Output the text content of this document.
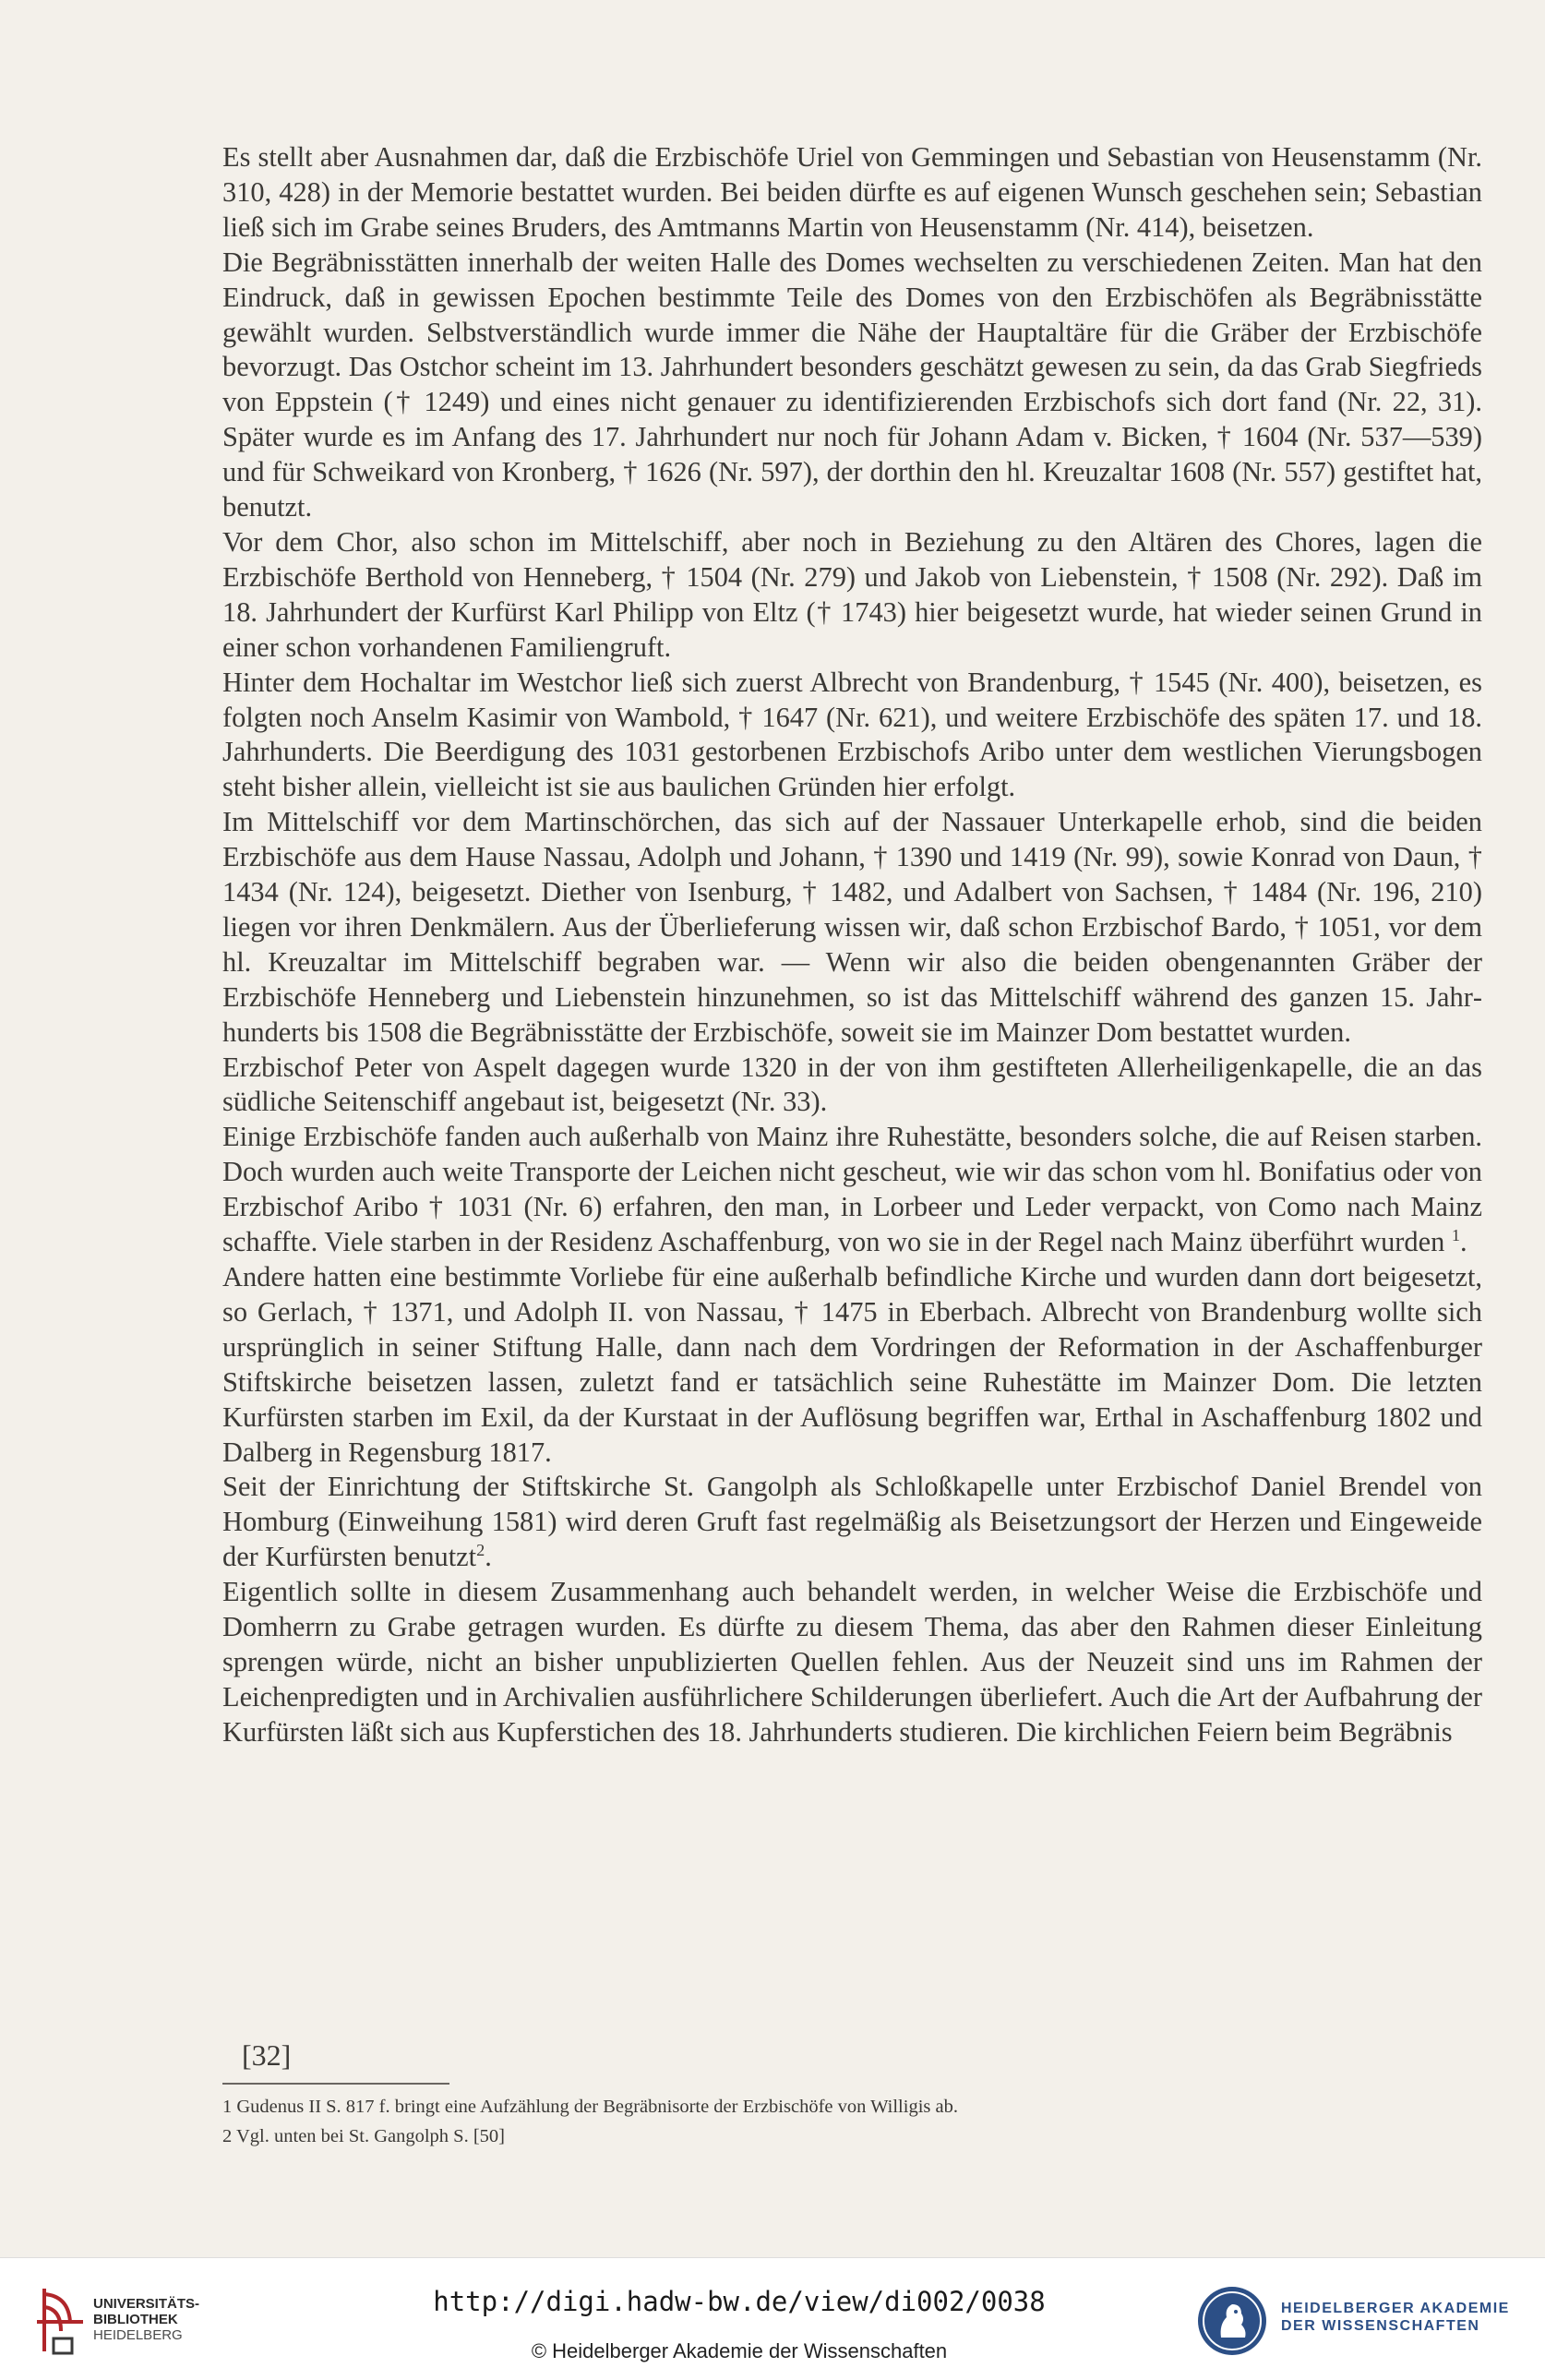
Es stellt aber Ausnahmen dar, daß die Erzbischöfe Uriel von Gemmingen und Sebastian von Heusenstamm (Nr. 310, 428) in der Memorie bestattet wurden. Bei beiden dürfte es auf eigenen Wunsch geschehen sein; Sebastian ließ sich im Grabe seines Bruders, des Amtmanns Martin von Heusenstamm (Nr. 414), beisetzen.

Die Begräbnisstätten innerhalb der weiten Halle des Domes wechselten zu verschiedenen Zeiten. Man hat den Eindruck, daß in gewissen Epochen bestimmte Teile des Domes von den Erzbischöfen als Begräbnisstätte gewählt wurden. Selbstverständlich wurde immer die Nähe der Hauptaltäre für die Gräber der Erzbischöfe bevorzugt. Das Ostchor scheint im 13. Jahrhundert besonders geschätzt gewesen zu sein, da das Grab Siegfrieds von Eppstein († 1249) und eines nicht genauer zu identifizierenden Erzbischofs sich dort fand (Nr. 22, 31). Später wurde es im Anfang des 17. Jahrhundert nur noch für Johann Adam v. Bicken, † 1604 (Nr. 537—539) und für Schweikard von Kronberg, † 1626 (Nr. 597), der dorthin den hl. Kreuzaltar 1608 (Nr. 557) gestiftet hat, benutzt.

Vor dem Chor, also schon im Mittelschiff, aber noch in Beziehung zu den Altären des Chores, lagen die Erzbischöfe Berthold von Henneberg, † 1504 (Nr. 279) und Jakob von Liebenstein, † 1508 (Nr. 292). Daß im 18. Jahrhundert der Kurfürst Karl Philipp von Eltz († 1743) hier beigesetzt wurde, hat wieder seinen Grund in einer schon vorhandenen Familiengruft.

Hinter dem Hochaltar im Westchor ließ sich zuerst Albrecht von Brandenburg, † 1545 (Nr. 400), beisetzen, es folgten noch Anselm Kasimir von Wambold, † 1647 (Nr. 621), und weitere Erzbischöfe des späten 17. und 18. Jahrhunderts. Die Beerdigung des 1031 gestorbenen Erzbischofs Aribo unter dem westlichen Vierungsbogen steht bisher allein, vielleicht ist sie aus baulichen Gründen hier erfolgt.

Im Mittelschiff vor dem Martinschörchen, das sich auf der Nassauer Unterkapelle erhob, sind die beiden Erzbischöfe aus dem Hause Nassau, Adolph und Johann, † 1390 und 1419 (Nr. 99), sowie Konrad von Daun, † 1434 (Nr. 124), beigesetzt. Diether von Isenburg, † 1482, und Adalbert von Sachsen, † 1484 (Nr. 196, 210) liegen vor ihren Denkmälern. Aus der Überlieferung wissen wir, daß schon Erzbischof Bardo, † 1051, vor dem hl. Kreuzaltar im Mittelschiff begraben war. — Wenn wir also die beiden obengenannten Gräber der Erzbischöfe Henneberg und Liebenstein hinzunehmen, so ist das Mittelschiff während des ganzen 15. Jahrhunderts bis 1508 die Begräbnisstätte der Erzbischöfe, soweit sie im Mainzer Dom bestattet wurden.

Erzbischof Peter von Aspelt dagegen wurde 1320 in der von ihm gestifteten Allerheiligenkapelle, die an das südliche Seitenschiff angebaut ist, beigesetzt (Nr. 33).

Einige Erzbischöfe fanden auch außerhalb von Mainz ihre Ruhestätte, besonders solche, die auf Reisen starben. Doch wurden auch weite Transporte der Leichen nicht gescheut, wie wir das schon vom hl. Bonifatius oder von Erzbischof Aribo † 1031 (Nr. 6) erfahren, den man, in Lorbeer und Leder verpackt, von Como nach Mainz schaffte. Viele starben in der Residenz Aschaffenburg, von wo sie in der Regel nach Mainz überführt wurden $^1$.

Andere hatten eine bestimmte Vorliebe für eine außerhalb befindliche Kirche und wurden dann dort beigesetzt, so Gerlach, † 1371, und Adolph II. von Nassau, † 1475 in Eberbach. Albrecht von Brandenburg wollte sich ursprünglich in seiner Stiftung Halle, dann nach dem Vordringen der Reformation in der Aschaffenburger Stiftskirche beisetzen lassen, zuletzt fand er tatsächlich seine Ruhestätte im Mainzer Dom. Die letzten Kurfürsten starben im Exil, da der Kurstaat in der Auflösung begriffen war, Erthal in Aschaffenburg 1802 und Dalberg in Regensburg 1817.

Seit der Einrichtung der Stiftskirche St. Gangolph als Schloßkapelle unter Erzbischof Daniel Brendel von Homburg (Einweihung 1581) wird deren Gruft fast regelmäßig als Beisetzungsort der Herzen und Eingeweide der Kurfürsten benutzt$^2$.

Eigentlich sollte in diesem Zusammenhang auch behandelt werden, in welcher Weise die Erzbischöfe und Domherrn zu Grabe getragen wurden. Es dürfte zu diesem Thema, das aber den Rahmen dieser Einleitung sprengen würde, nicht an bisher unpublizierten Quellen fehlen. Aus der Neuzeit sind uns im Rahmen der Leichenpredigten und in Archivalien ausführlichere Schilderungen überliefert. Auch die Art der Aufbahrung der Kurfürsten läßt sich aus Kupferstichen des 18. Jahrhunderts studieren. Die kirchlichen Feiern beim Begräbnis

1 Gudenus II S. 817 f. bringt eine Aufzählung der Begräbnisorte der Erzbischöfe von Willigis ab.

2 Vgl. unten bei St. Gangolph S. [50]

[32]
UNIVERSITÄTS-
BIBLIOTHEK
HEIDELBERG
http://digi.hadw-bw.de/view/di002/0038
© Heidelberger Akademie der Wissenschaften
HEIDELBERGER AKADEMIE
DER WISSENSCHAFTEN
